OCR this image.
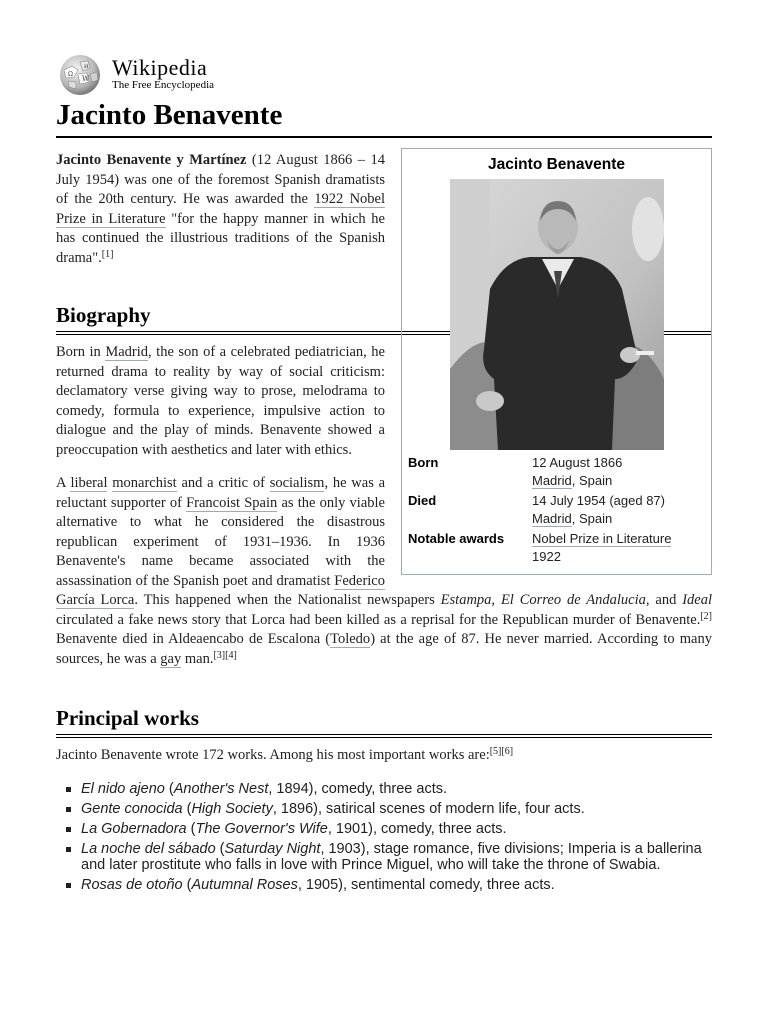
Ω
W
И Wikipedia
The Free Encyclopedia
Jacinto Benavente
Jacinto Benavente
Born	12 August 1866
Madrid, Spain
Died	14 July 1954 (aged 87)
Madrid, Spain
Notable awards	Nobel Prize in Literature
1922

Jacinto Benavente y Martínez (12 August 1866 – 14 July 1954) was one of the foremost Spanish dramatists of the 20th century. He was awarded the 1922 Nobel Prize in Literature "for the happy manner in which he has continued the illustrious traditions of the Spanish drama".[1]

Biography

Born in Madrid, the son of a celebrated pediatrician, he returned drama to reality by way of social criticism: declamatory verse giving way to prose, melodrama to comedy, formula to experience, impulsive action to dialogue and the play of minds. Benavente showed a preoccupation with aesthetics and later with ethics.

A liberal monarchist and a critic of socialism, he was a reluctant supporter of Francoist Spain as the only viable alternative to what he considered the disastrous republican experiment of 1931–1936. In 1936 Benavente's name became associated with the assassination of the Spanish poet and dramatist Federico García Lorca. This happened when the Nationalist newspapers Estampa, El Correo de Andalucia, and Ideal circulated a fake news story that Lorca had been killed as a reprisal for the Republican murder of Benavente.[2] Benavente died in Aldeaencabo de Escalona (Toledo) at the age of 87. He never married. According to many sources, he was a gay man.[3][4]

Principal works

Jacinto Benavente wrote 172 works. Among his most important works are:[5][6]

El nido ajeno (Another's Nest, 1894), comedy, three acts.
Gente conocida (High Society, 1896), satirical scenes of modern life, four acts.
La Gobernadora (The Governor's Wife, 1901), comedy, three acts.
La noche del sábado (Saturday Night, 1903), stage romance, five divisions; Imperia is a ballerina and later prostitute who falls in love with Prince Miguel, who will take the throne of Swabia.
Rosas de otoño (Autumnal Roses, 1905), sentimental comedy, three acts.
